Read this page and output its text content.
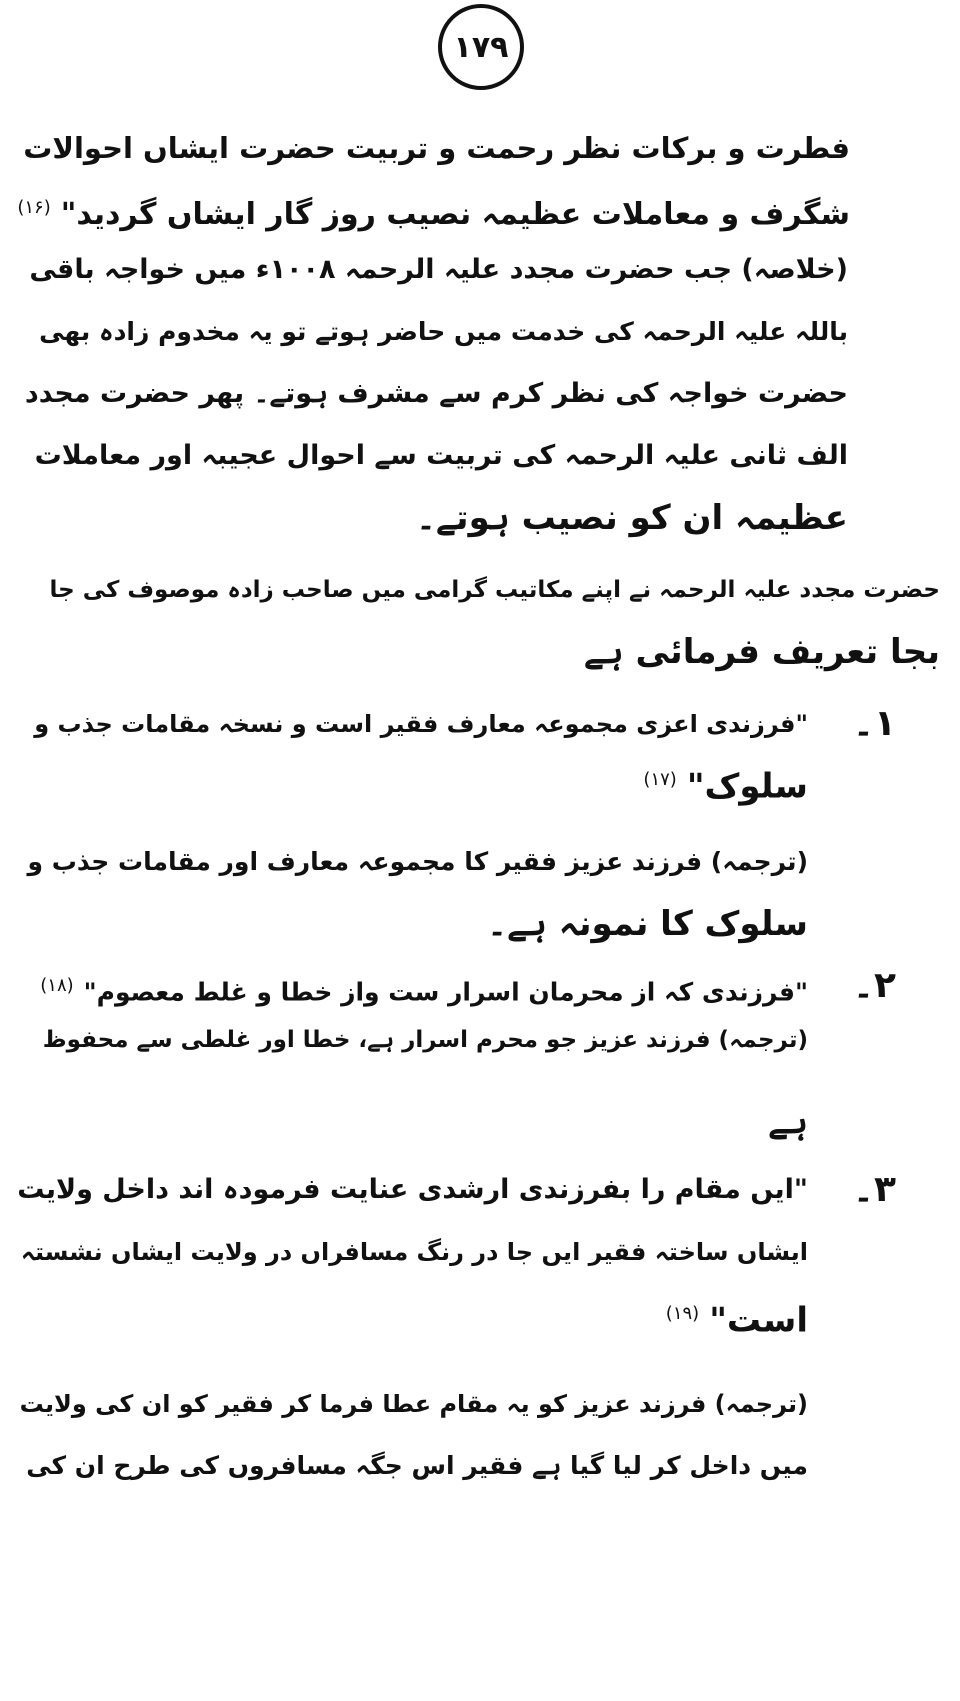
۱۷۹
فطرت و برکات نظر رحمت و تربیت حضرت ایشاں احوالات
شگرف و معاملات عظیمہ نصیب روز گار ایشاں گردید"$^{(۱۶)}$
(خلاصہ) جب حضرت مجدد علیہ الرحمہ ۱۰۰۸ء میں خواجہ باقی
باللہ علیہ الرحمہ کی خدمت میں حاضر ہوتے تو یہ مخدوم زادہ بھی
حضرت خواجہ کی نظر کرم سے مشرف ہوتے۔ پھر حضرت مجدد
الف ثانی علیہ الرحمہ کی تربیت سے احوال عجیبہ اور معاملات
عظیمہ ان کو نصیب ہوتے۔
حضرت مجدد علیہ الرحمہ نے اپنے مکاتیب گرامی میں صاحب زادہ موصوف کی جا
بجا تعریف فرمائی ہے
۱۔
"فرزندی اعزی مجموعہ معارف فقیر است و نسخہ مقامات جذب و
سلوک"$^{(۱۷)}$
(ترجمہ) فرزند عزیز فقیر کا مجموعہ معارف اور مقامات جذب و
سلوک کا نمونہ ہے۔
۲۔
"فرزندی کہ از محرمان اسرار ست واز خطا و غلط معصوم"$^{(۱۸)}$
(ترجمہ) فرزند عزیز جو محرم اسرار ہے، خطا اور غلطی سے محفوظ
ہے
۳۔
"ایں مقام را بفرزندی ارشدی عنایت فرمودہ اند داخل ولایت
ایشاں ساختہ فقیر ایں جا در رنگ مسافراں در ولایت ایشاں نشستہ
است"$^{(۱۹)}$
(ترجمہ) فرزند عزیز کو یہ مقام عطا فرما کر فقیر کو ان کی ولایت
میں داخل کر لیا گیا ہے فقیر اس جگہ مسافروں کی طرح ان کی
